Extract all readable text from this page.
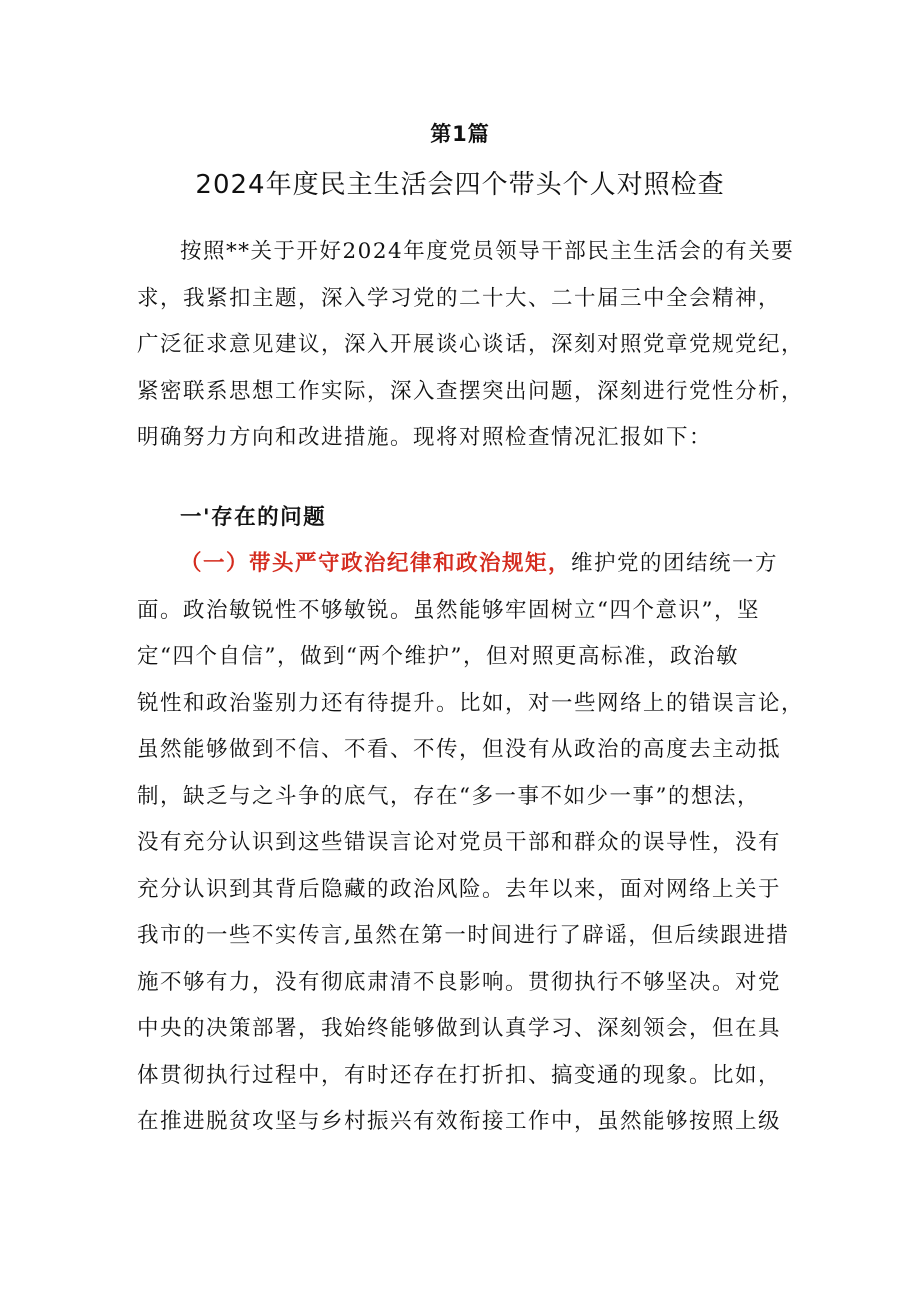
第1篇
2024年度民主生活会四个带头个人对照检查
按照**关于开好2024年度党员领导干部民主生活会的有关要
求，我紧扣主题，深入学习党的二十大、二十届三中全会精神，
广泛征求意见建议，深入开展谈心谈话，深刻对照党章党规党纪，
紧密联系思想工作实际，深入查摆突出问题，深刻进行党性分析，
明确努力方向和改进措施。现将对照检查情况汇报如下：
一'存在的问题
（一）带头严守政治纪律和政治规矩，维护党的团结统一方
面。政治敏锐性不够敏锐。虽然能够牢固树立“四个意识”，坚
定“四个自信”，做到“两个维护”，但对照更高标准，政治敏
锐性和政治鉴别力还有待提升。比如，对一些网络上的错误言论，
虽然能够做到不信、不看、不传，但没有从政治的高度去主动抵
制，缺乏与之斗争的底气，存在“多一事不如少一事”的想法，
没有充分认识到这些错误言论对党员干部和群众的误导性，没有
充分认识到其背后隐藏的政治风险。去年以来，面对网络上关于
我市的一些不实传言,虽然在第一时间进行了辟谣，但后续跟进措
施不够有力，没有彻底肃清不良影响。贯彻执行不够坚决。对党
中央的决策部署，我始终能够做到认真学习、深刻领会，但在具
体贯彻执行过程中，有时还存在打折扣、搞变通的现象。比如，
在推进脱贫攻坚与乡村振兴有效衔接工作中，虽然能够按照上级
